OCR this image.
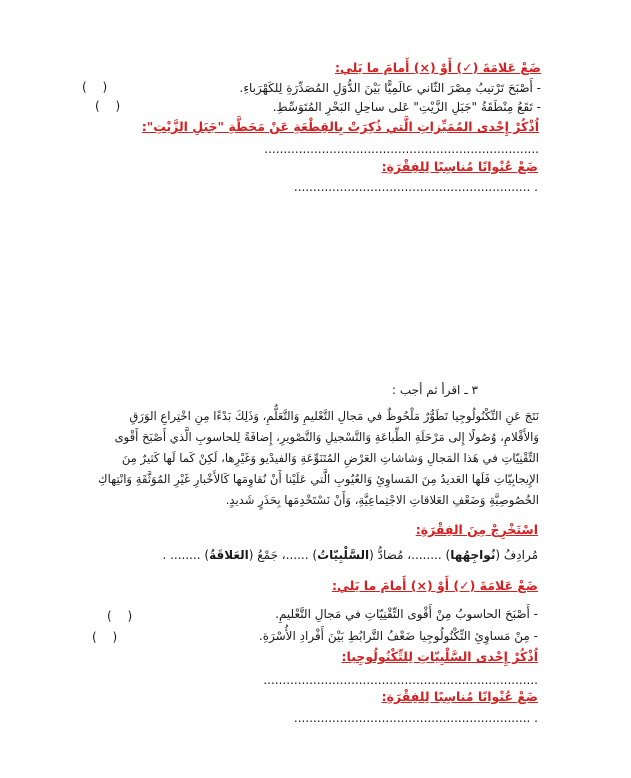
ضَعْ عَلامَةَ (✓) أَوْ (×) أَمامَ ما يَلي:
- أَصْبَحَ تَرْتيبُ مِصْرَ الثّاني عالَمِيًّا بَيْنَ الدُّوَلِ المُصَدِّرَةِ لِلكَهْرَباءِ.
( )
- تَقَعُ مِنْطَقَةُ "جَبَلِ الزَّيْتِ" عَلى ساحِلِ البَحْرِ المُتَوَسِّطِ.
( )
اُذْكُرْ إِحْدى المُمَيِّزاتِ الَّتي ذُكِرَتْ بِالقِطْعَةِ عَنْ مَحَطَّةِ "جَبَلِ الزَّيْتِ":
........................................................................
ضَعْ عُنْوانًا مُناسِبًا لِلفِقْرَةِ:
. ..............................................................
٣ ـ اقرأ ثم أجب :
نَتَجَ عَنِ التِّكْنُولُوجِيا تَطَوُّرٌ مَلْحُوظٌ في مَجالِ التَّعْليمِ وَالتَّعَلُّمِ، وَذَلِكَ بَدْءًا مِنِ اخْتِراعِ الوَرَقِ
وَالأَقْلامِ، وُصُولًا إِلى مَرْحَلَةِ الطِّباعَةِ وَالتَّسْجيلِ وَالتَّصْويرِ، إِضافَةً لِلحاسوبِ الَّذي أَصْبَحَ أَقْوى
التِّقْنِيّاتِ في هَذا المَجالِ وَشاشاتِ العَرْضِ المُتَنَوِّعَةِ وَالفيدْيو وَغَيْرِها، لَكِنْ كَما لَها كَثيرٌ مِنَ
الإِيجابِيّاتِ فَلَها العَديدُ مِنَ المَساوِئِ وَالعُيُوبِ الَّتي عَلَيْنا أَنْ نُقاوِمَها كَالأَخْبارِ غَيْرِ المُوَثَّقَةِ وَانْتِهاكِ
الخُصُوصِيَّةِ وَضَعْفِ العَلاقاتِ الاجْتِماعِيَّةِ، وَأَنْ نَسْتَخْدِمَها بِحَذَرٍ شَديدٍ.
اسْتَخْرِجْ مِنَ الفِقْرَةِ:
مُرادِفُ (نُواجِهُها) ........، مُضادُّ (السَّلْبِيّاتُ) ......، جَمْعُ (العَلاقَةُ) ........ .
ضَعْ عَلامَةَ (✓) أَوْ (×) أَمامَ ما يَلي:
- أَصْبَحَ الحاسوبُ مِنْ أَقْوى التِّقْنِيّاتِ في مَجالِ التَّعْليمِ.
( )
- مِنْ مَساوِئِ التِّكْنُولُوجِيا ضَعْفُ التَّرابُطِ بَيْنَ أَفْرادِ الأُسْرَةِ.
( )
اُذْكُرْ إِحْدى السَّلْبِيّاتِ لِلتِّكْنُولُوجِيا:
........................................................................
ضَعْ عُنْوانًا مُناسِبًا لِلفِقْرَةِ:
. ..............................................................
